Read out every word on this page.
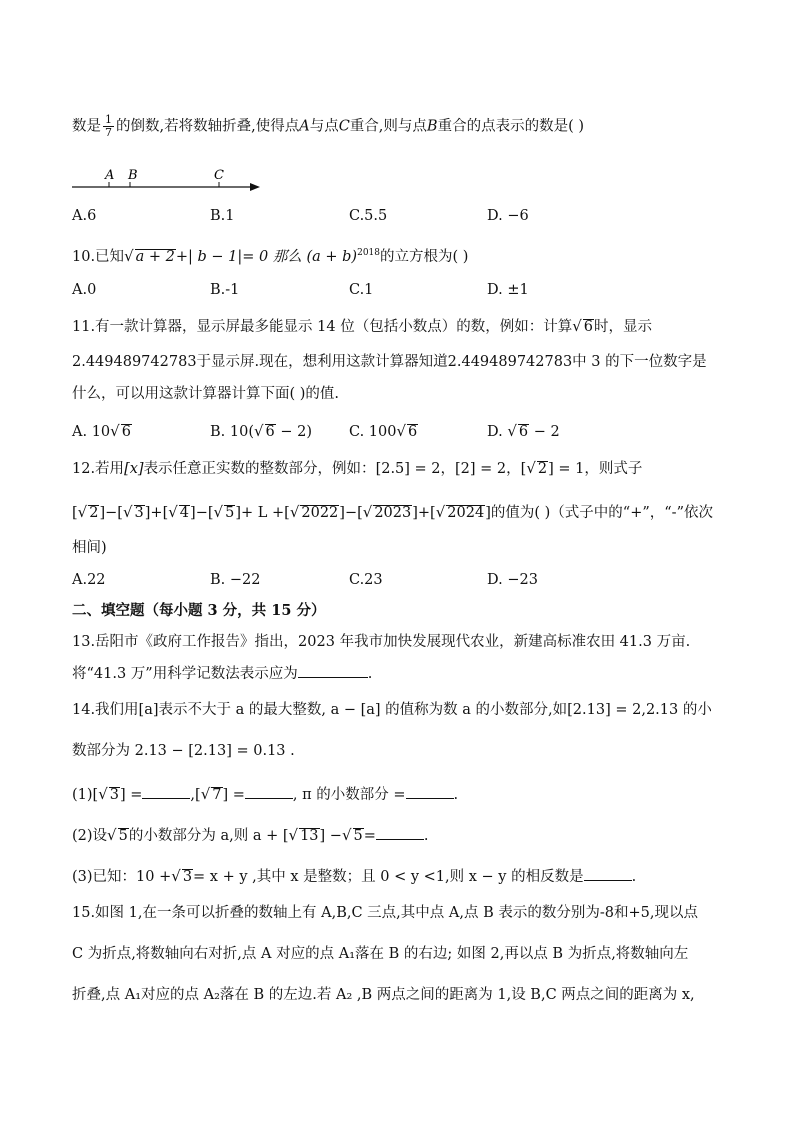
数是 $\frac{1}{7}$ 的倒数,若将数轴折叠,使得点A与点C重合,则与点B重合的点表示的数是( )
A B	C
A.6	B.1	C.5.5	D. −6
10.已知√ a + 2+| b − 1|= 0 那么 $(a + b)^{2018}$的立方根为( )
A.0	B.-1	C.1	D. ±1
11.有一款计算器，显示屏最多能显示 14 位（包括小数点）的数，例如：计算√ 6时，显示
2.449489742783于显示屏.现在，想利用这款计算器知道2.449489742783中 3 的下一位数字是
什么，可以用这款计算器计算下面( )的值.
A. 10√ 6	B. 10(√ 6 − 2)	C. 100√ 6	D. √ 6 − 2
12.若用[x]表示任意正实数的整数部分，例如：[2.5] = 2，[2] = 2，[√ 2] = 1，则式子
[√ 2]−[√ 3]+[√ 4]−[√ 5]+ L +[√ 2022]−[√ 2023]+[√ 2024]的值为( )（式子中的“+”，“-”依次
相间)
A.22	B. −22	C.23	D. −23
二、填空题（每小题 3 分，共 15 分）
13.岳阳市《政府工作报告》指出，2023 年我市加快发展现代农业，新建高标准农田 41.3 万亩.
将“41.3 万”用科学记数法表示应为	.
14.我们用[a]表示不大于 a 的最大整数, a − [a] 的值称为数 a 的小数部分,如[2.13] = 2,2.13 的小
数部分为 2.13 − [2.13] = 0.13 .
(1)[√ 3] =	,[√ 7] =	, π 的小数部分 =	.
(2)设√ 5的小数部分为 a,则 a + [√ 13] −√ 5=	.
(3)已知：10 +√ 3= x + y ,其中 x 是整数；且 0 < y <1,则 x − y 的相反数是	.
15.如图 1,在一条可以折叠的数轴上有 A,B,C 三点,其中点 A,点 B 表示的数分别为-8和+5,现以点
C 为折点,将数轴向右对折,点 A 对应的点 A₁落在 B 的右边; 如图 2,再以点 B 为折点,将数轴向左
折叠,点 A₁对应的点 A₂落在 B 的左边.若 A₂ ,B 两点之间的距离为 1,设 B,C 两点之间的距离为 x,
